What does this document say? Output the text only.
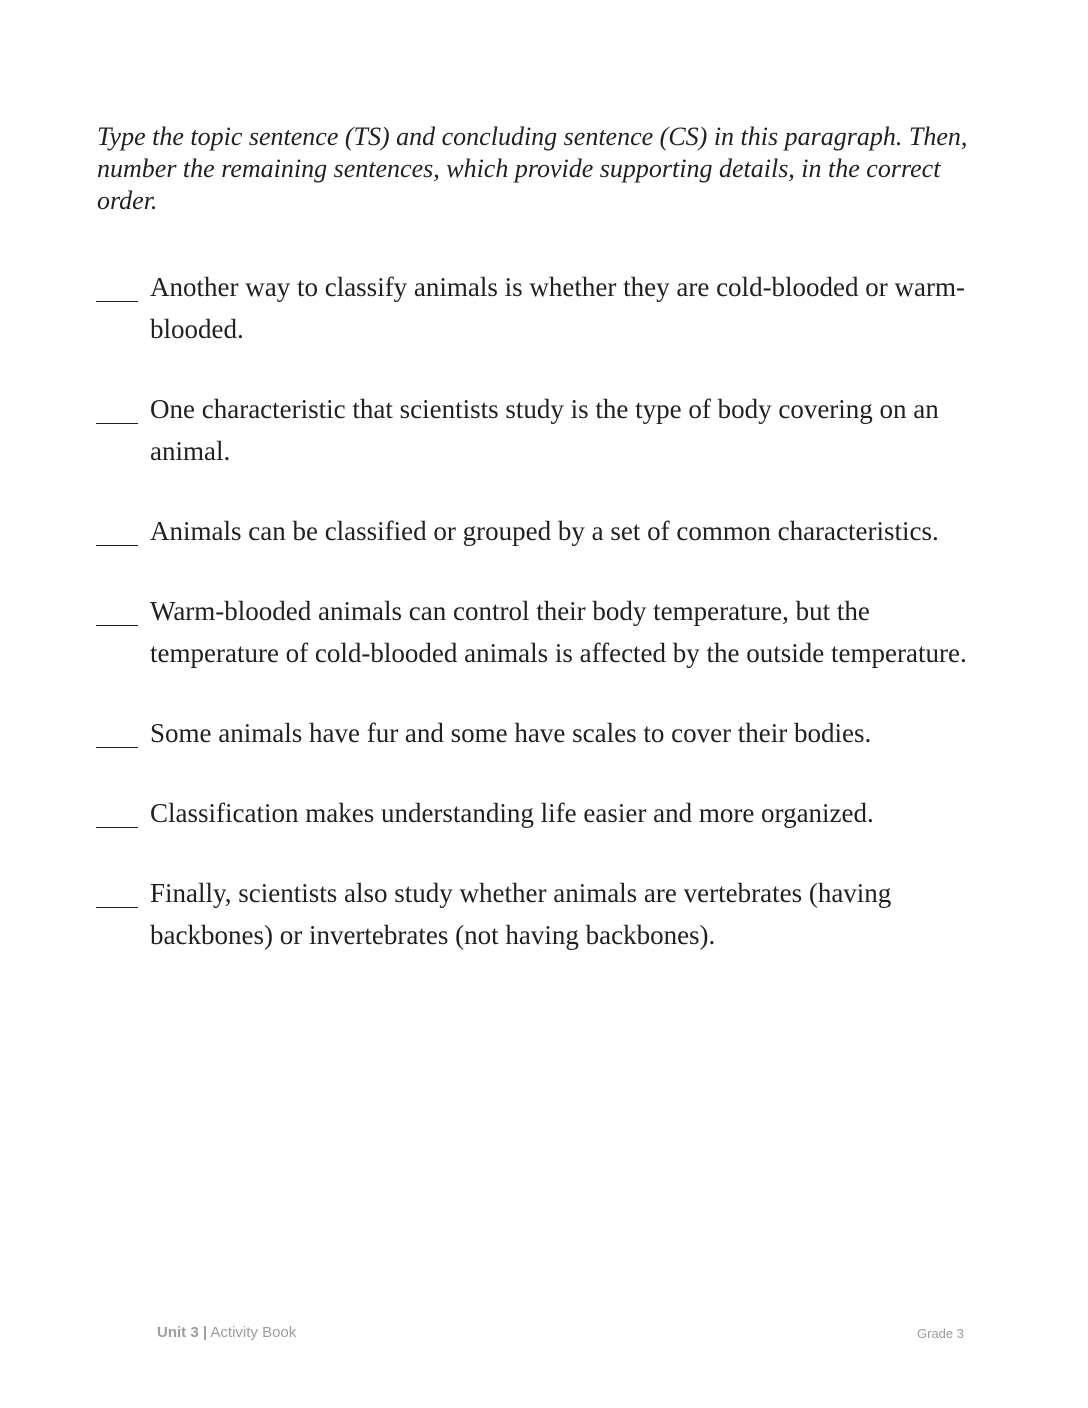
Type the topic sentence (TS) and concluding sentence (CS) in this paragraph. Then, number the remaining sentences, which provide supporting details, in the correct order.

Another way to classify animals is whether they are cold-blooded or warm-blooded.
One characteristic that scientists study is the type of body covering on an animal.
Animals can be classified or grouped by a set of common characteristics.
Warm-blooded animals can control their body temperature, but the temperature of cold-blooded animals is affected by the outside temperature.
Some animals have fur and some have scales to cover their bodies.
Classification makes understanding life easier and more organized.
Finally, scientists also study whether animals are vertebrates (having backbones) or invertebrates (not having backbones).
Unit 3 | Activity Book	Grade 3
